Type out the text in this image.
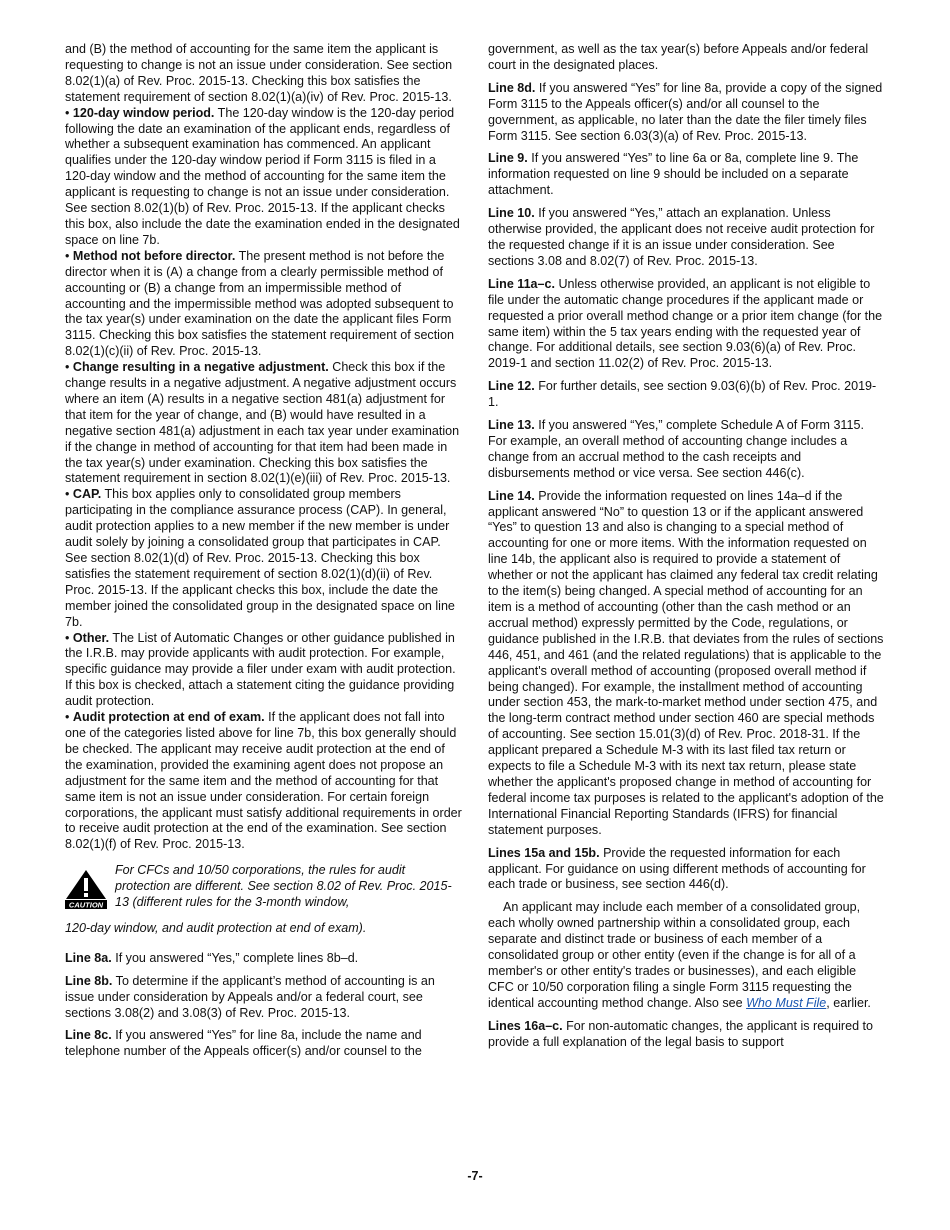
and (B) the method of accounting for the same item the applicant is requesting to change is not an issue under consideration. See section 8.02(1)(a) of Rev. Proc. 2015-13. Checking this box satisfies the statement requirement of section 8.02(1)(a)(iv) of Rev. Proc. 2015-13.

• 120-day window period. The 120-day window is the 120-day period following the date an examination of the applicant ends, regardless of whether a subsequent examination has commenced. An applicant qualifies under the 120-day window period if Form 3115 is filed in a 120-day window and the method of accounting for the same item the applicant is requesting to change is not an issue under consideration. See section 8.02(1)(b) of Rev. Proc. 2015-13. If the applicant checks this box, also include the date the examination ended in the designated space on line 7b.

• Method not before director. The present method is not before the director when it is (A) a change from a clearly permissible method of accounting or (B) a change from an impermissible method of accounting and the impermissible method was adopted subsequent to the tax year(s) under examination on the date the applicant files Form 3115. Checking this box satisfies the statement requirement of section 8.02(1)(c)(ii) of Rev. Proc. 2015-13.

• Change resulting in a negative adjustment. Check this box if the change results in a negative adjustment. A negative adjustment occurs where an item (A) results in a negative section 481(a) adjustment for that item for the year of change, and (B) would have resulted in a negative section 481(a) adjustment in each tax year under examination if the change in method of accounting for that item had been made in the tax year(s) under examination. Checking this box satisfies the statement requirement in section 8.02(1)(e)(iii) of Rev. Proc. 2015-13.

• CAP. This box applies only to consolidated group members participating in the compliance assurance process (CAP). In general, audit protection applies to a new member if the new member is under audit solely by joining a consolidated group that participates in CAP. See section 8.02(1)(d) of Rev. Proc. 2015-13. Checking this box satisfies the statement requirement of section 8.02(1)(d)(ii) of Rev. Proc. 2015-13. If the applicant checks this box, include the date the member joined the consolidated group in the designated space on line 7b.

• Other. The List of Automatic Changes or other guidance published in the I.R.B. may provide applicants with audit protection. For example, specific guidance may provide a filer under exam with audit protection. If this box is checked, attach a statement citing the guidance providing audit protection.

• Audit protection at end of exam. If the applicant does not fall into one of the categories listed above for line 7b, this box generally should be checked. The applicant may receive audit protection at the end of the examination, provided the examining agent does not propose an adjustment for the same item and the method of accounting for that same item is not an issue under consideration. For certain foreign corporations, the applicant must satisfy additional requirements in order to receive audit protection at the end of the examination. See section 8.02(1)(f) of Rev. Proc. 2015-13.

CAUTION
For CFCs and 10/50 corporations, the rules for audit protection are different. See section 8.02 of Rev. Proc. 2015-13 (different rules for the 3-month window,

120-day window, and audit protection at end of exam).

Line 8a. If you answered “Yes,” complete lines 8b–d.

Line 8b. To determine if the applicant’s method of accounting is an issue under consideration by Appeals and/or a federal court, see sections 3.08(2) and 3.08(3) of Rev. Proc. 2015-13.

Line 8c. If you answered “Yes” for line 8a, include the name and telephone number of the Appeals officer(s) and/or counsel to the

government, as well as the tax year(s) before Appeals and/or federal court in the designated places.

Line 8d. If you answered “Yes” for line 8a, provide a copy of the signed Form 3115 to the Appeals officer(s) and/or all counsel to the government, as applicable, no later than the date the filer timely files Form 3115. See section 6.03(3)(a) of Rev. Proc. 2015-13.

Line 9. If you answered “Yes” to line 6a or 8a, complete line 9. The information requested on line 9 should be included on a separate attachment.

Line 10. If you answered “Yes,” attach an explanation. Unless otherwise provided, the applicant does not receive audit protection for the requested change if it is an issue under consideration. See sections 3.08 and 8.02(7) of Rev. Proc. 2015-13.

Line 11a–c. Unless otherwise provided, an applicant is not eligible to file under the automatic change procedures if the applicant made or requested a prior overall method change or a prior item change (for the same item) within the 5 tax years ending with the requested year of change. For additional details, see section 9.03(6)(a) of Rev. Proc. 2019-1 and section 11.02(2) of Rev. Proc. 2015-13.

Line 12. For further details, see section 9.03(6)(b) of Rev. Proc. 2019-1.

Line 13. If you answered “Yes,” complete Schedule A of Form 3115. For example, an overall method of accounting change includes a change from an accrual method to the cash receipts and disbursements method or vice versa. See section 446(c).

Line 14. Provide the information requested on lines 14a–d if the applicant answered “No” to question 13 or if the applicant answered “Yes” to question 13 and also is changing to a special method of accounting for one or more items. With the information requested on line 14b, the applicant also is required to provide a statement of whether or not the applicant has claimed any federal tax credit relating to the item(s) being changed. A special method of accounting for an item is a method of accounting (other than the cash method or an accrual method) expressly permitted by the Code, regulations, or guidance published in the I.R.B. that deviates from the rules of sections 446, 451, and 461 (and the related regulations) that is applicable to the applicant's overall method of accounting (proposed overall method if being changed). For example, the installment method of accounting under section 453, the mark-to-market method under section 475, and the long-term contract method under section 460 are special methods of accounting. See section 15.01(3)(d) of Rev. Proc. 2018-31. If the applicant prepared a Schedule M-3 with its last filed tax return or expects to file a Schedule M-3 with its next tax return, please state whether the applicant's proposed change in method of accounting for federal income tax purposes is related to the applicant's adoption of the International Financial Reporting Standards (IFRS) for financial statement purposes.

Lines 15a and 15b. Provide the requested information for each applicant. For guidance on using different methods of accounting for each trade or business, see section 446(d).

An applicant may include each member of a consolidated group, each wholly owned partnership within a consolidated group, each separate and distinct trade or business of each member of a consolidated group or other entity (even if the change is for all of a member's or other entity's trades or businesses), and each eligible CFC or 10/50 corporation filing a single Form 3115 requesting the identical accounting method change. Also see Who Must File, earlier.

Lines 16a–c. For non-automatic changes, the applicant is required to provide a full explanation of the legal basis to support

-7-
